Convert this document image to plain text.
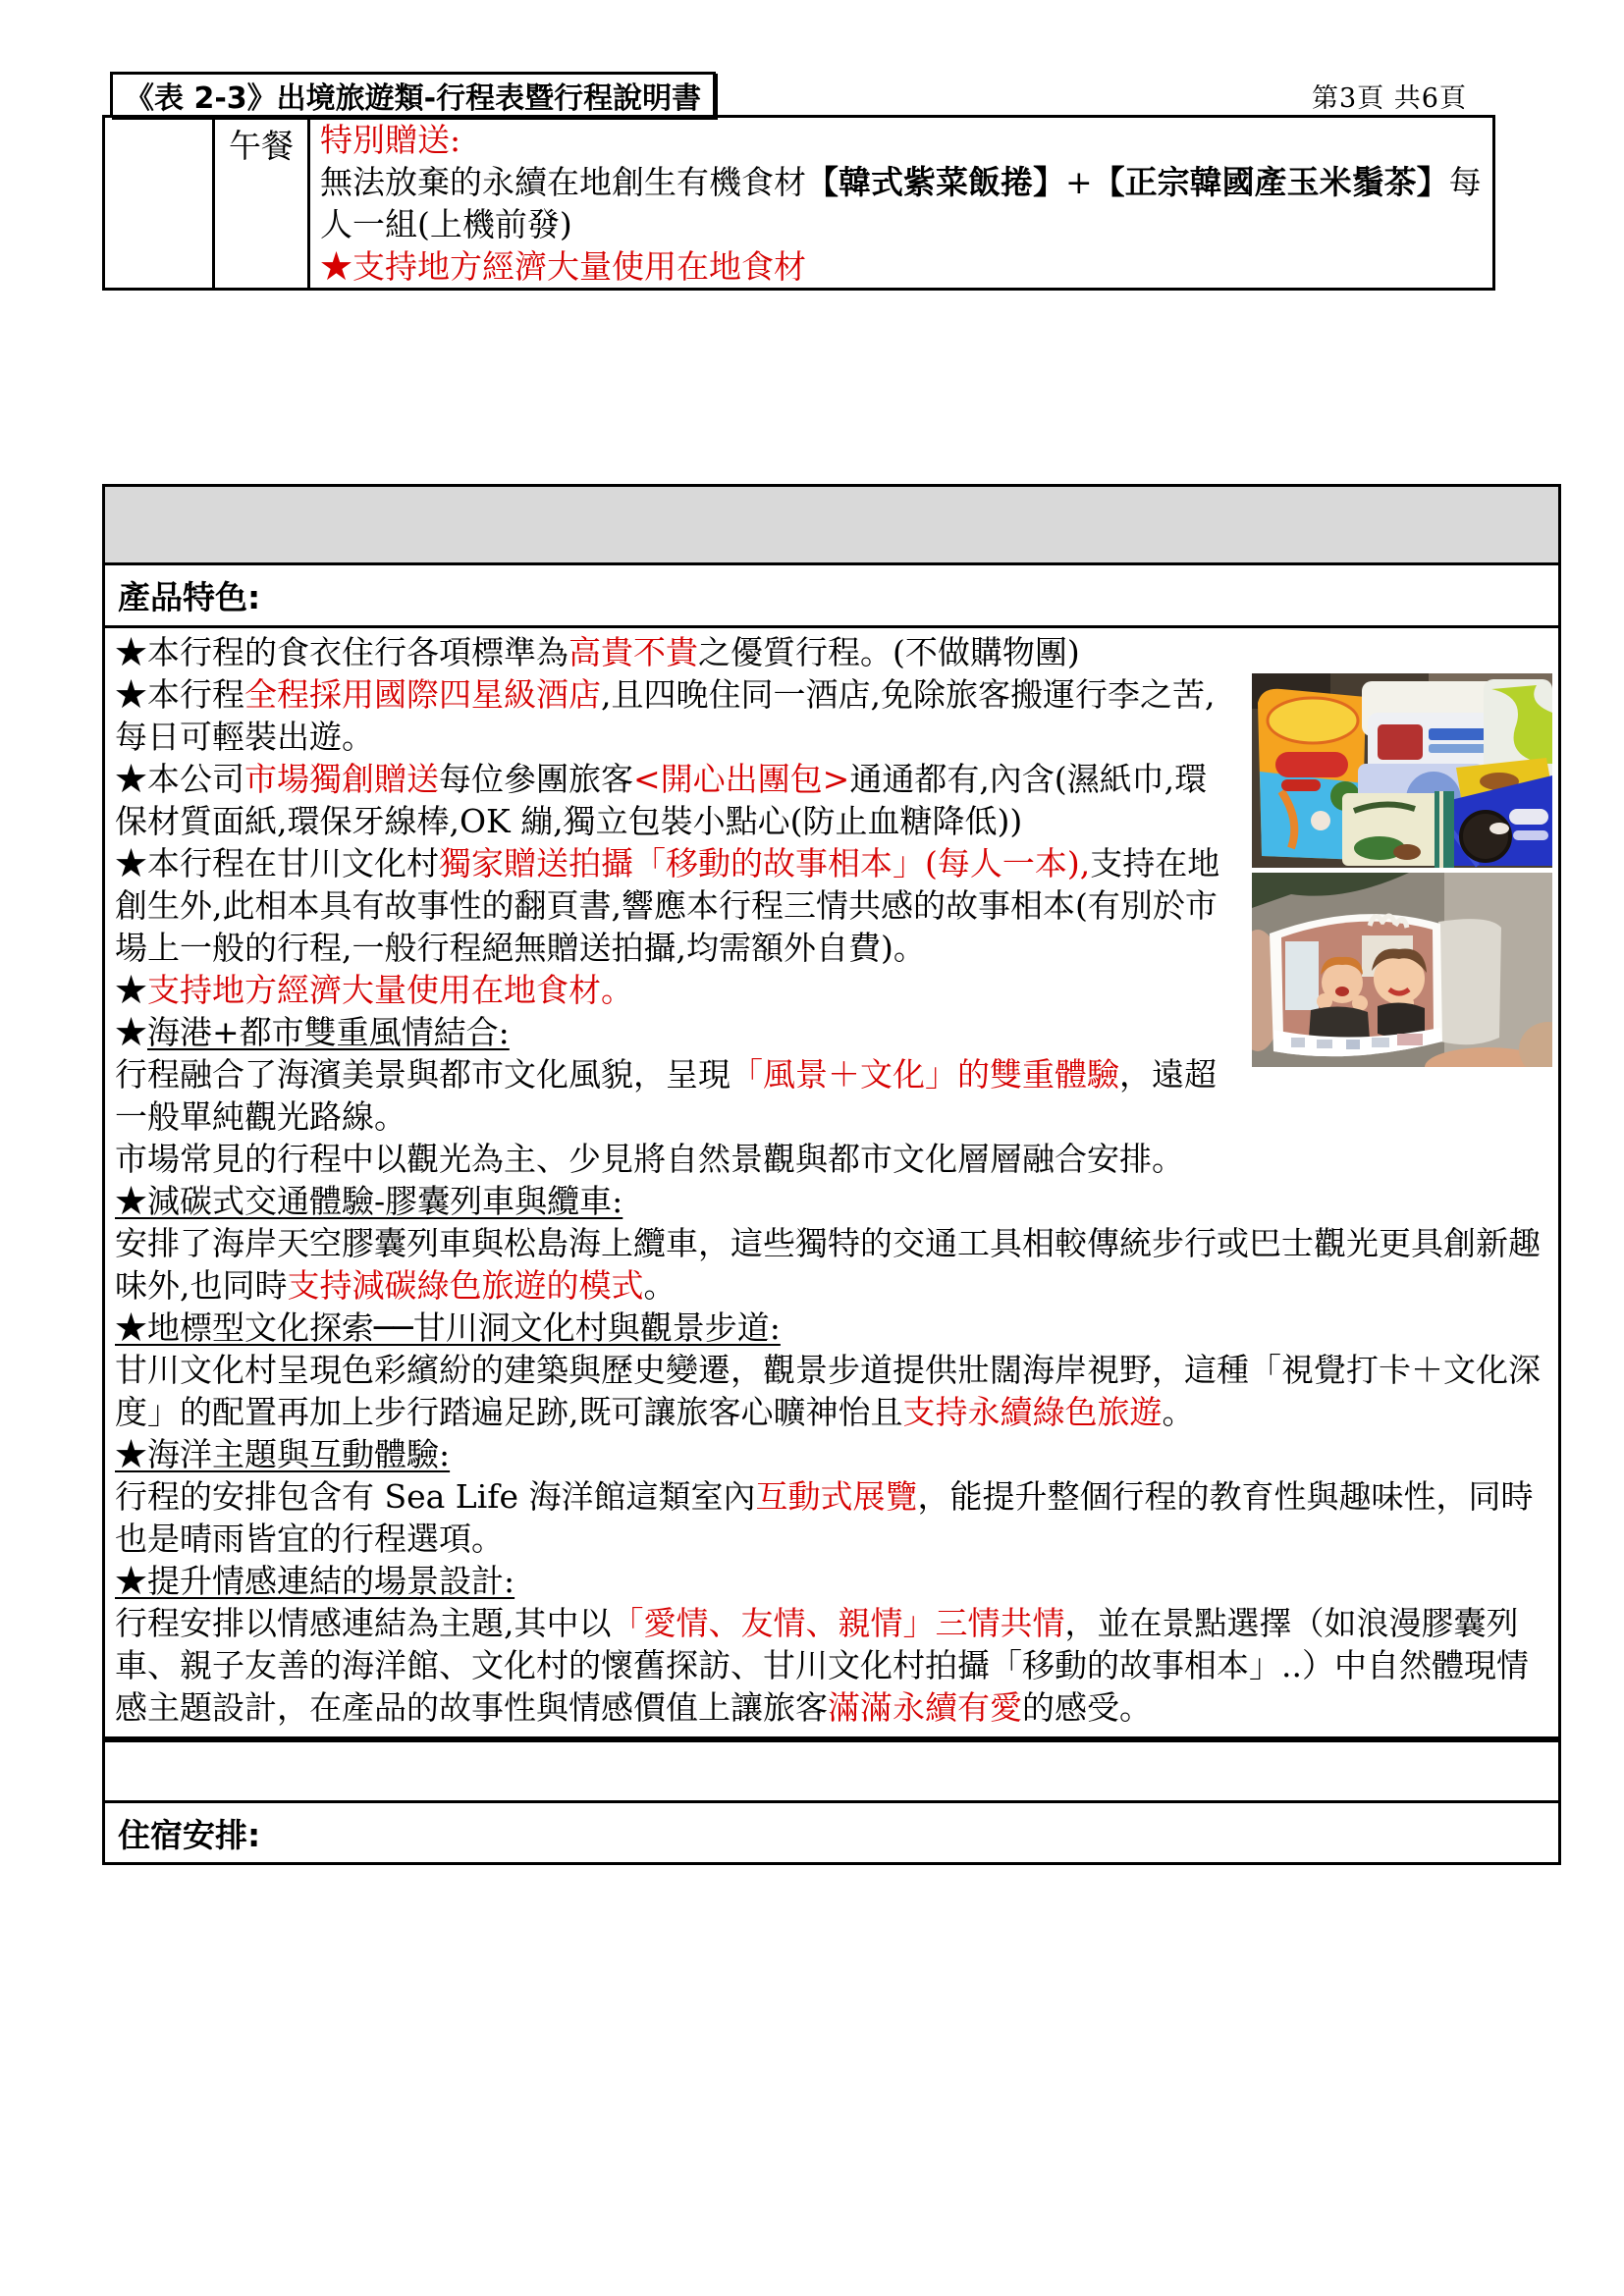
《表 2-3》出境旅遊類-行程表暨行程說明書	第3頁 共6頁
午餐 特別贈送:
無法放棄的永續在地創生有機食材【韓式紫菜飯捲】+【正宗韓國產玉米鬚茶】每人一組(上機前發)
★支持地方經濟大量使用在地食材
產品特色:
★本行程的食衣住行各項標準為高貴不貴之優質行程。(不做購物團)
★本行程全程採用國際四星級酒店,且四晚住同一酒店,免除旅客搬運行李之苦,每日可輕裝出遊。
★本公司市場獨創贈送每位參團旅客<開心出團包>通通都有,內含(濕紙巾,環保材質面紙,環保牙線棒,OK 繃,獨立包裝小點心(防止血糖降低))
★本行程在甘川文化村獨家贈送拍攝「移動的故事相本」(每人一本),支持在地創生外,此相本具有故事性的翻頁書,響應本行程三情共感的故事相本(有別於市場上一般的行程,一般行程絕無贈送拍攝,均需額外自費)。
★支持地方經濟大量使用在地食材。
★海港+都市雙重風情結合:
行程融合了海濱美景與都市文化風貌，呈現「風景＋文化」的雙重體驗，遠超一般單純觀光路線。
市場常見的行程中以觀光為主、少見將自然景觀與都市文化層層融合安排。
★減碳式交通體驗-膠囊列車與纜車:
安排了海岸天空膠囊列車與松島海上纜車，這些獨特的交通工具相較傳統步行或巴士觀光更具創新趣味外,也同時支持減碳綠色旅遊的模式。
★地標型文化探索──甘川洞文化村與觀景步道:
甘川文化村呈現色彩繽紛的建築與歷史變遷，觀景步道提供壯闊海岸視野，這種「視覺打卡＋文化深度」的配置再加上步行踏遍足跡,既可讓旅客心曠神怡且支持永續綠色旅遊。
★海洋主題與互動體驗:
行程的安排包含有 Sea Life 海洋館這類室內互動式展覽，能提升整個行程的教育性與趣味性，同時也是晴雨皆宜的行程選項。
★提升情感連結的場景設計:
行程安排以情感連結為主題,其中以「愛情、友情、親情」三情共情，並在景點選擇（如浪漫膠囊列車、親子友善的海洋館、文化村的懷舊探訪、甘川文化村拍攝「移動的故事相本」..）中自然體現情感主題設計，在產品的故事性與情感價值上讓旅客滿滿永續有愛的感受。
住宿安排:
